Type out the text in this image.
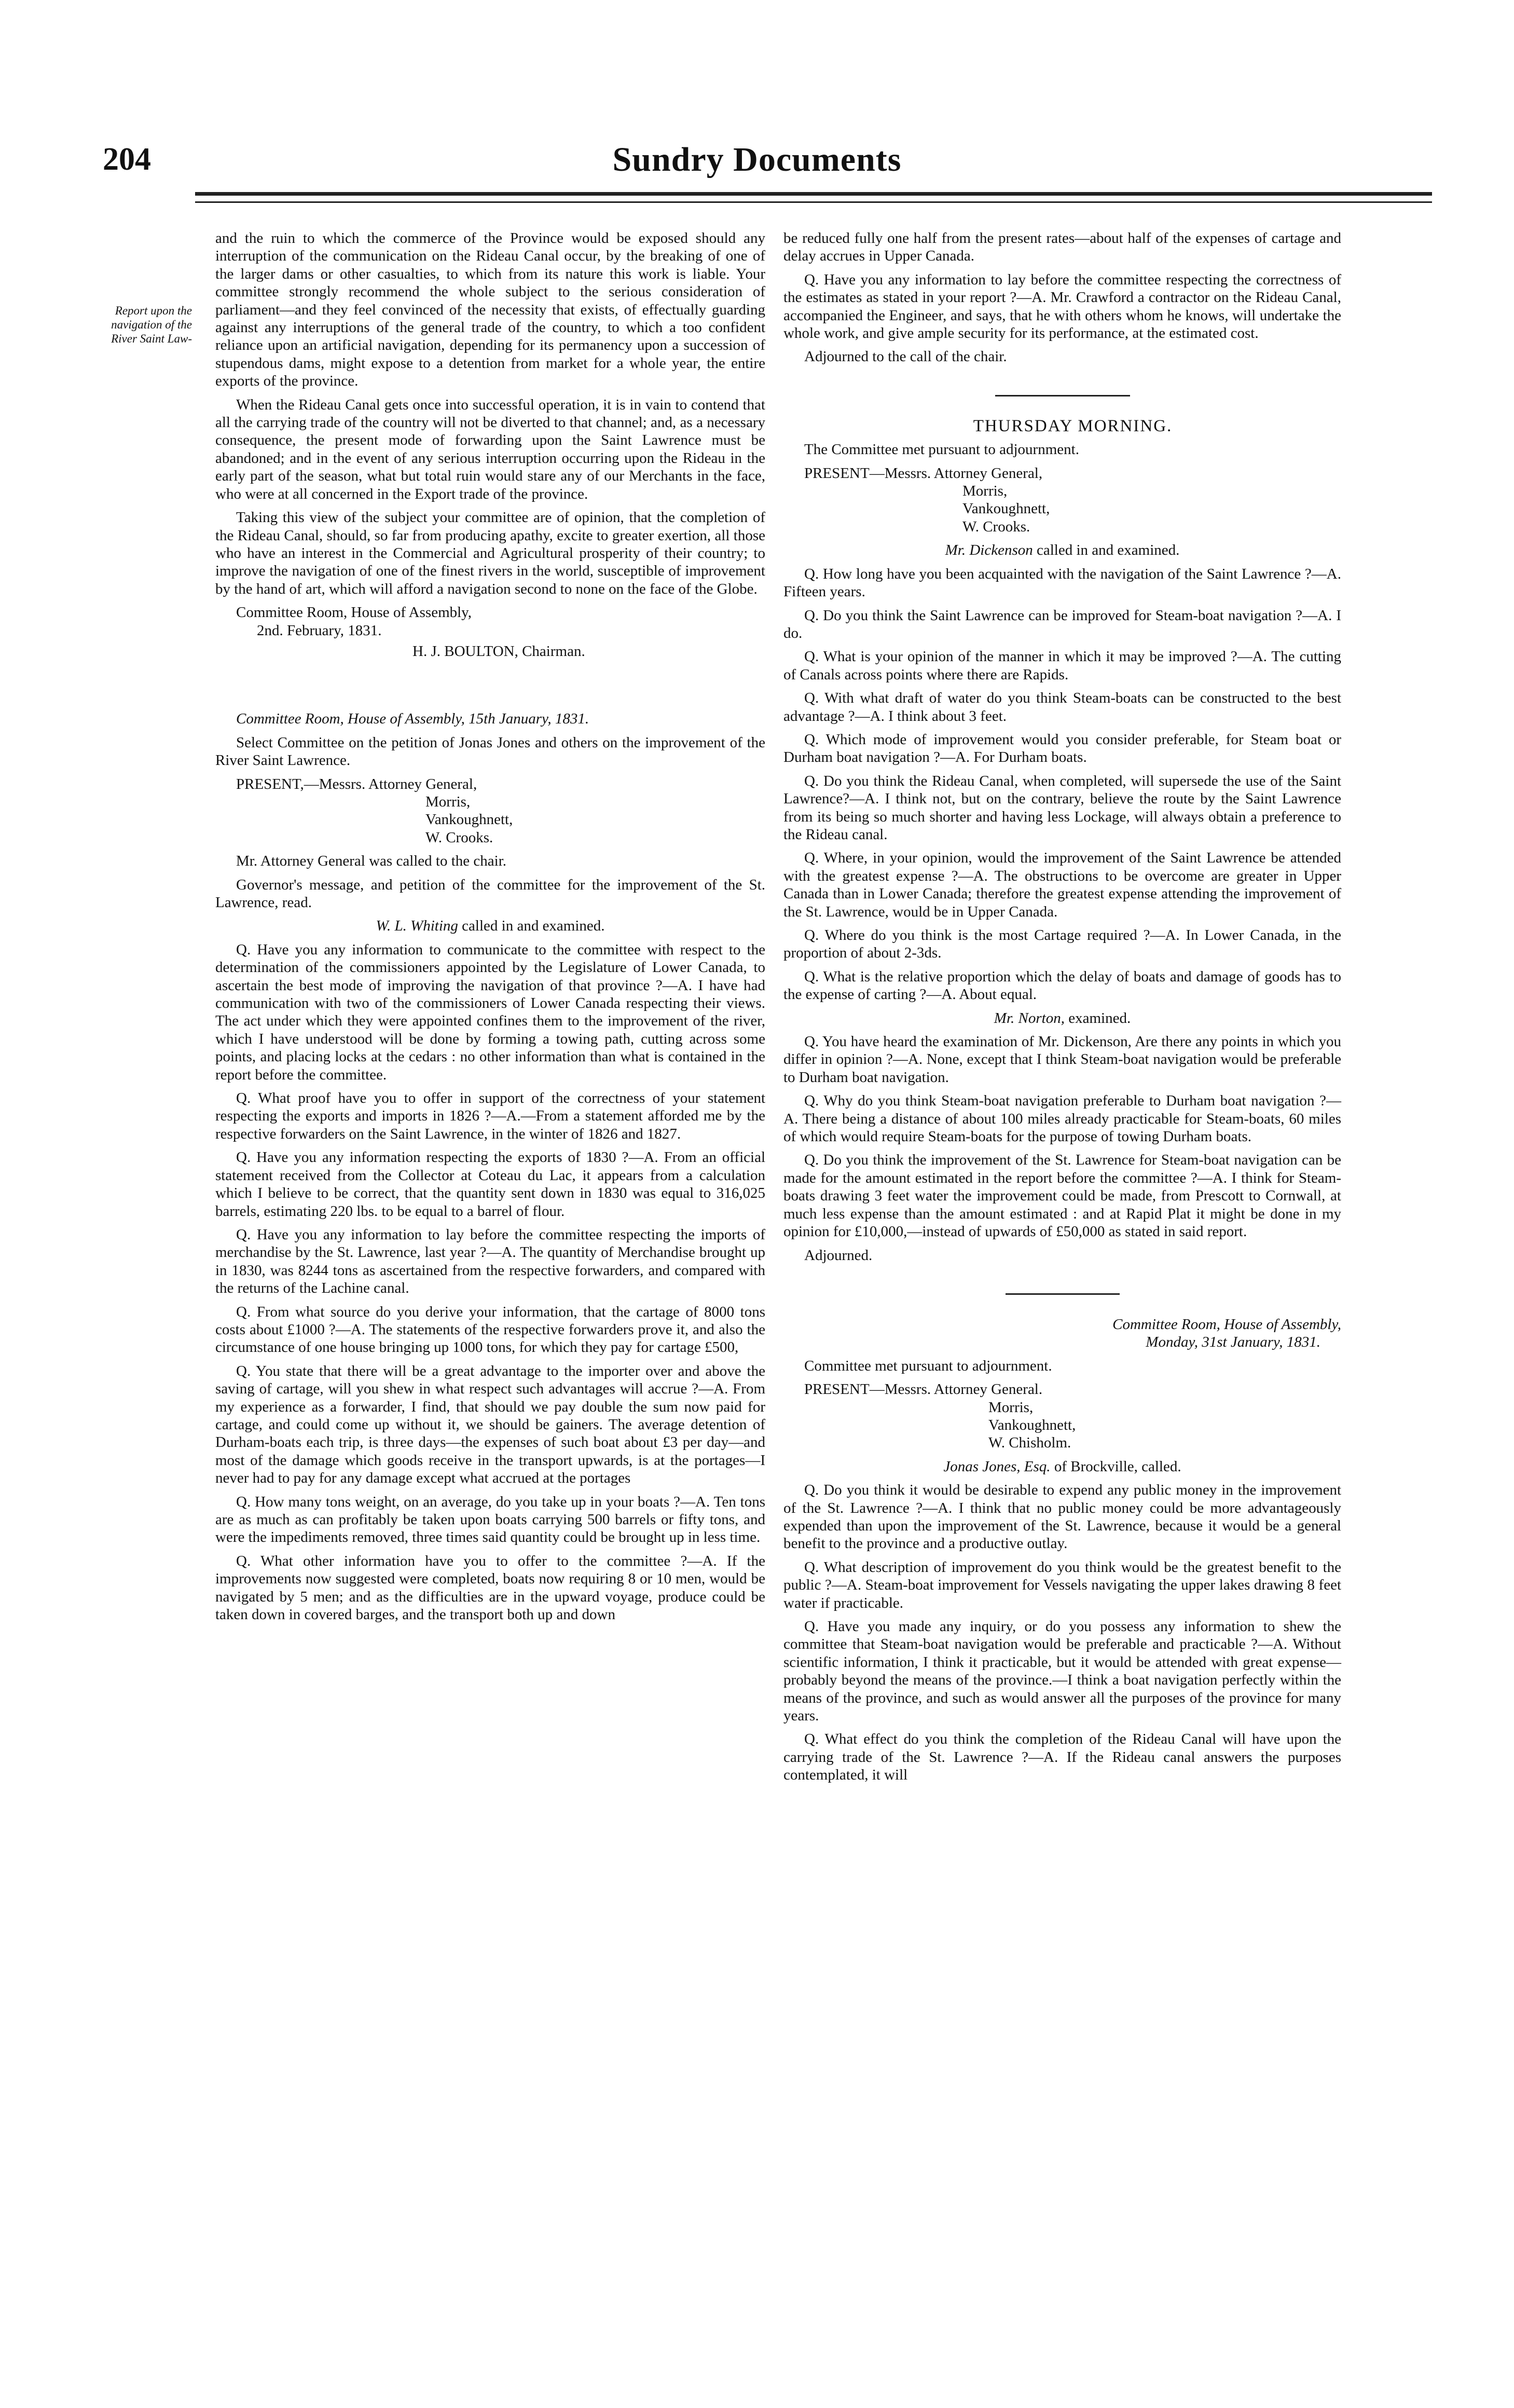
204	Sundry Documents
Report upon the navigation of the River Saint Law-

and the ruin to which the commerce of the Province would be exposed should any interruption of the communication on the Rideau Canal occur, by the breaking of one of the larger dams or other casualties, to which from its nature this work is liable. Your committee strongly recommend the whole subject to the serious consideration of parliament—and they feel convinced of the necessity that exists, of effectually guarding against any interruptions of the general trade of the country, to which a too confident reliance upon an artificial navigation, depending for its permanency upon a succession of stupendous dams, might expose to a detention from market for a whole year, the entire exports of the province.

When the Rideau Canal gets once into successful operation, it is in vain to contend that all the carrying trade of the country will not be diverted to that channel; and, as a necessary consequence, the present mode of forwarding upon the Saint Lawrence must be abandoned; and in the event of any serious interruption occurring upon the Rideau in the early part of the season, what but total ruin would stare any of our Merchants in the face, who were at all concerned in the Export trade of the province.

Taking this view of the subject your committee are of opinion, that the completion of the Rideau Canal, should, so far from producing apathy, excite to greater exertion, all those who have an interest in the Commercial and Agricultural prosperity of their country; to improve the navigation of one of the finest rivers in the world, susceptible of improvement by the hand of art, which will afford a navigation second to none on the face of the Globe.

Committee Room, House of Assembly,

2nd. February, 1831.

H. J. BOULTON, Chairman.

Committee Room, House of Assembly, 15th January, 1831.

Select Committee on the petition of Jonas Jones and others on the improvement of the River Saint Lawrence.

PRESENT,—Messrs. Attorney General,

Morris,
Vankoughnett,
W. Crooks.

Mr. Attorney General was called to the chair.

Governor's message, and petition of the committee for the improvement of the St. Lawrence, read.

W. L. Whiting called in and examined.

Q. Have you any information to communicate to the committee with respect to the determination of the commissioners appointed by the Legislature of Lower Canada, to ascertain the best mode of improving the navigation of that province ?—A. I have had communication with two of the commissioners of Lower Canada respecting their views. The act under which they were appointed confines them to the improvement of the river, which I have understood will be done by forming a towing path, cutting across some points, and placing locks at the cedars : no other information than what is contained in the report before the committee.

Q. What proof have you to offer in support of the correctness of your statement respecting the exports and imports in 1826 ?—A.—From a statement afforded me by the respective forwarders on the Saint Lawrence, in the winter of 1826 and 1827.

Q. Have you any information respecting the exports of 1830 ?—A. From an official statement received from the Collector at Coteau du Lac, it appears from a calculation which I believe to be correct, that the quantity sent down in 1830 was equal to 316,025 barrels, estimating 220 lbs. to be equal to a barrel of flour.

Q. Have you any information to lay before the committee respecting the imports of merchandise by the St. Lawrence, last year ?—A. The quantity of Merchandise brought up in 1830, was 8244 tons as ascertained from the respective forwarders, and compared with the returns of the Lachine canal.

Q. From what source do you derive your information, that the cartage of 8000 tons costs about £1000 ?—A. The statements of the respective forwarders prove it, and also the circumstance of one house bringing up 1000 tons, for which they pay for cartage £500,

Q. You state that there will be a great advantage to the importer over and above the saving of cartage, will you shew in what respect such advantages will accrue ?—A. From my experience as a forwarder, I find, that should we pay double the sum now paid for cartage, and could come up without it, we should be gainers. The average detention of Durham-boats each trip, is three days—the expenses of such boat about £3 per day—and most of the damage which goods receive in the transport upwards, is at the portages—I never had to pay for any damage except what accrued at the portages

Q. How many tons weight, on an average, do you take up in your boats ?—A. Ten tons are as much as can profitably be taken upon boats carrying 500 barrels or fifty tons, and were the impediments removed, three times said quantity could be brought up in less time.

Q. What other information have you to offer to the committee ?—A. If the improvements now suggested were completed, boats now requiring 8 or 10 men, would be navigated by 5 men; and as the difficulties are in the upward voyage, produce could be taken down in covered barges, and the transport both up and down

be reduced fully one half from the present rates—about half of the expenses of cartage and delay accrues in Upper Canada.

Q. Have you any information to lay before the committee respecting the correctness of the estimates as stated in your report ?—A. Mr. Crawford a contractor on the Rideau Canal, accompanied the Engineer, and says, that he with others whom he knows, will undertake the whole work, and give ample security for its performance, at the estimated cost.

Adjourned to the call of the chair.

THURSDAY MORNING.

The Committee met pursuant to adjournment.

PRESENT—Messrs. Attorney General,

Morris,
Vankoughnett,
W. Crooks.

Mr. Dickenson called in and examined.

Q. How long have you been acquainted with the navigation of the Saint Lawrence ?—A. Fifteen years.

Q. Do you think the Saint Lawrence can be improved for Steam-boat navigation ?—A. I do.

Q. What is your opinion of the manner in which it may be improved ?—A. The cutting of Canals across points where there are Rapids.

Q. With what draft of water do you think Steam-boats can be constructed to the best advantage ?—A. I think about 3 feet.

Q. Which mode of improvement would you consider preferable, for Steam boat or Durham boat navigation ?—A. For Durham boats.

Q. Do you think the Rideau Canal, when completed, will supersede the use of the Saint Lawrence?—A. I think not, but on the contrary, believe the route by the Saint Lawrence from its being so much shorter and having less Lockage, will always obtain a preference to the Rideau canal.

Q. Where, in your opinion, would the improvement of the Saint Lawrence be attended with the greatest expense ?—A. The obstructions to be overcome are greater in Upper Canada than in Lower Canada; therefore the greatest expense attending the improvement of the St. Lawrence, would be in Upper Canada.

Q. Where do you think is the most Cartage required ?—A. In Lower Canada, in the proportion of about 2-3ds.

Q. What is the relative proportion which the delay of boats and damage of goods has to the expense of carting ?—A. About equal.

Mr. Norton, examined.

Q. You have heard the examination of Mr. Dickenson, Are there any points in which you differ in opinion ?—A. None, except that I think Steam-boat navigation would be preferable to Durham boat navigation.

Q. Why do you think Steam-boat navigation preferable to Durham boat navigation ?—A. There being a distance of about 100 miles already practicable for Steam-boats, 60 miles of which would require Steam-boats for the purpose of towing Durham boats.

Q. Do you think the improvement of the St. Lawrence for Steam-boat navigation can be made for the amount estimated in the report before the committee ?—A. I think for Steam-boats drawing 3 feet water the improvement could be made, from Prescott to Cornwall, at much less expense than the amount estimated : and at Rapid Plat it might be done in my opinion for £10,000,—instead of upwards of £50,000 as stated in said report.

Adjourned.

Committee Room, House of Assembly,

Monday, 31st January, 1831.

Committee met pursuant to adjournment.

PRESENT—Messrs. Attorney General.

Morris,
Vankoughnett,
W. Chisholm.

Jonas Jones, Esq. of Brockville, called.

Q. Do you think it would be desirable to expend any public money in the improvement of the St. Lawrence ?—A. I think that no public money could be more advantageously expended than upon the improvement of the St. Lawrence, because it would be a general benefit to the province and a productive outlay.

Q. What description of improvement do you think would be the greatest benefit to the public ?—A. Steam-boat improvement for Vessels navigating the upper lakes drawing 8 feet water if practicable.

Q. Have you made any inquiry, or do you possess any information to shew the committee that Steam-boat navigation would be preferable and practicable ?—A. Without scientific information, I think it practicable, but it would be attended with great expense—probably beyond the means of the province.—I think a boat navigation perfectly within the means of the province, and such as would answer all the purposes of the province for many years.

Q. What effect do you think the completion of the Rideau Canal will have upon the carrying trade of the St. Lawrence ?—A. If the Rideau canal answers the purposes contemplated, it will
